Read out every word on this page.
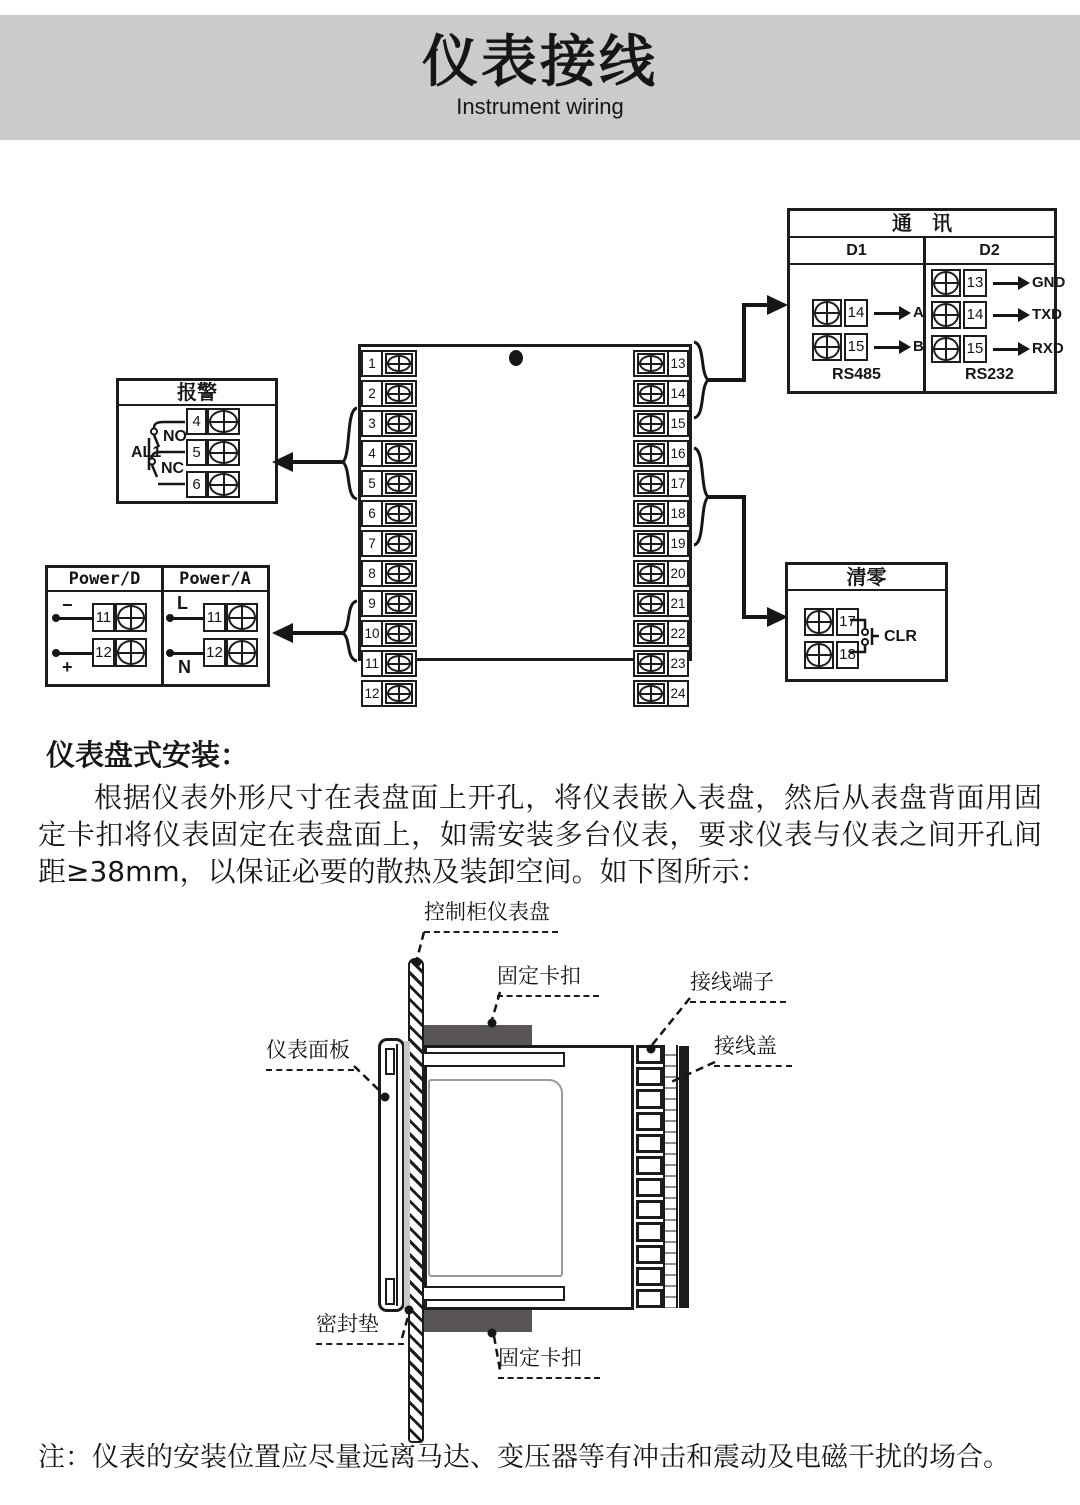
仪表接线
Instrument wiring
1
2
3
4
5
6
7
8
9
10
11
12
13
14
15
16
17
18
19
20
21
22
23
24
报警
4
5
6
AL1
NO
NC
Power/D	Power/A
−
11
+
12
L
11
N
12
通　讯
D1	D2
14	A
15	B
RS485
13	GND
14	TXD
15	RXD
RS232
清零
17
18
CLR
仪表盘式安装：
根据仪表外形尺寸在表盘面上开孔，将仪表嵌入表盘，然后从表盘背面用固定卡扣将仪表固定在表盘面上，如需安装多台仪表，要求仪表与仪表之间开孔间距≥38mm，以保证必要的散热及装卸空间。如下图所示：
控制柜仪表盘
固定卡扣	接线端子
接线盖
仪表面板
密封垫
固定卡扣
注：仪表的安装位置应尽量远离马达、变压器等有冲击和震动及电磁干扰的场合。
